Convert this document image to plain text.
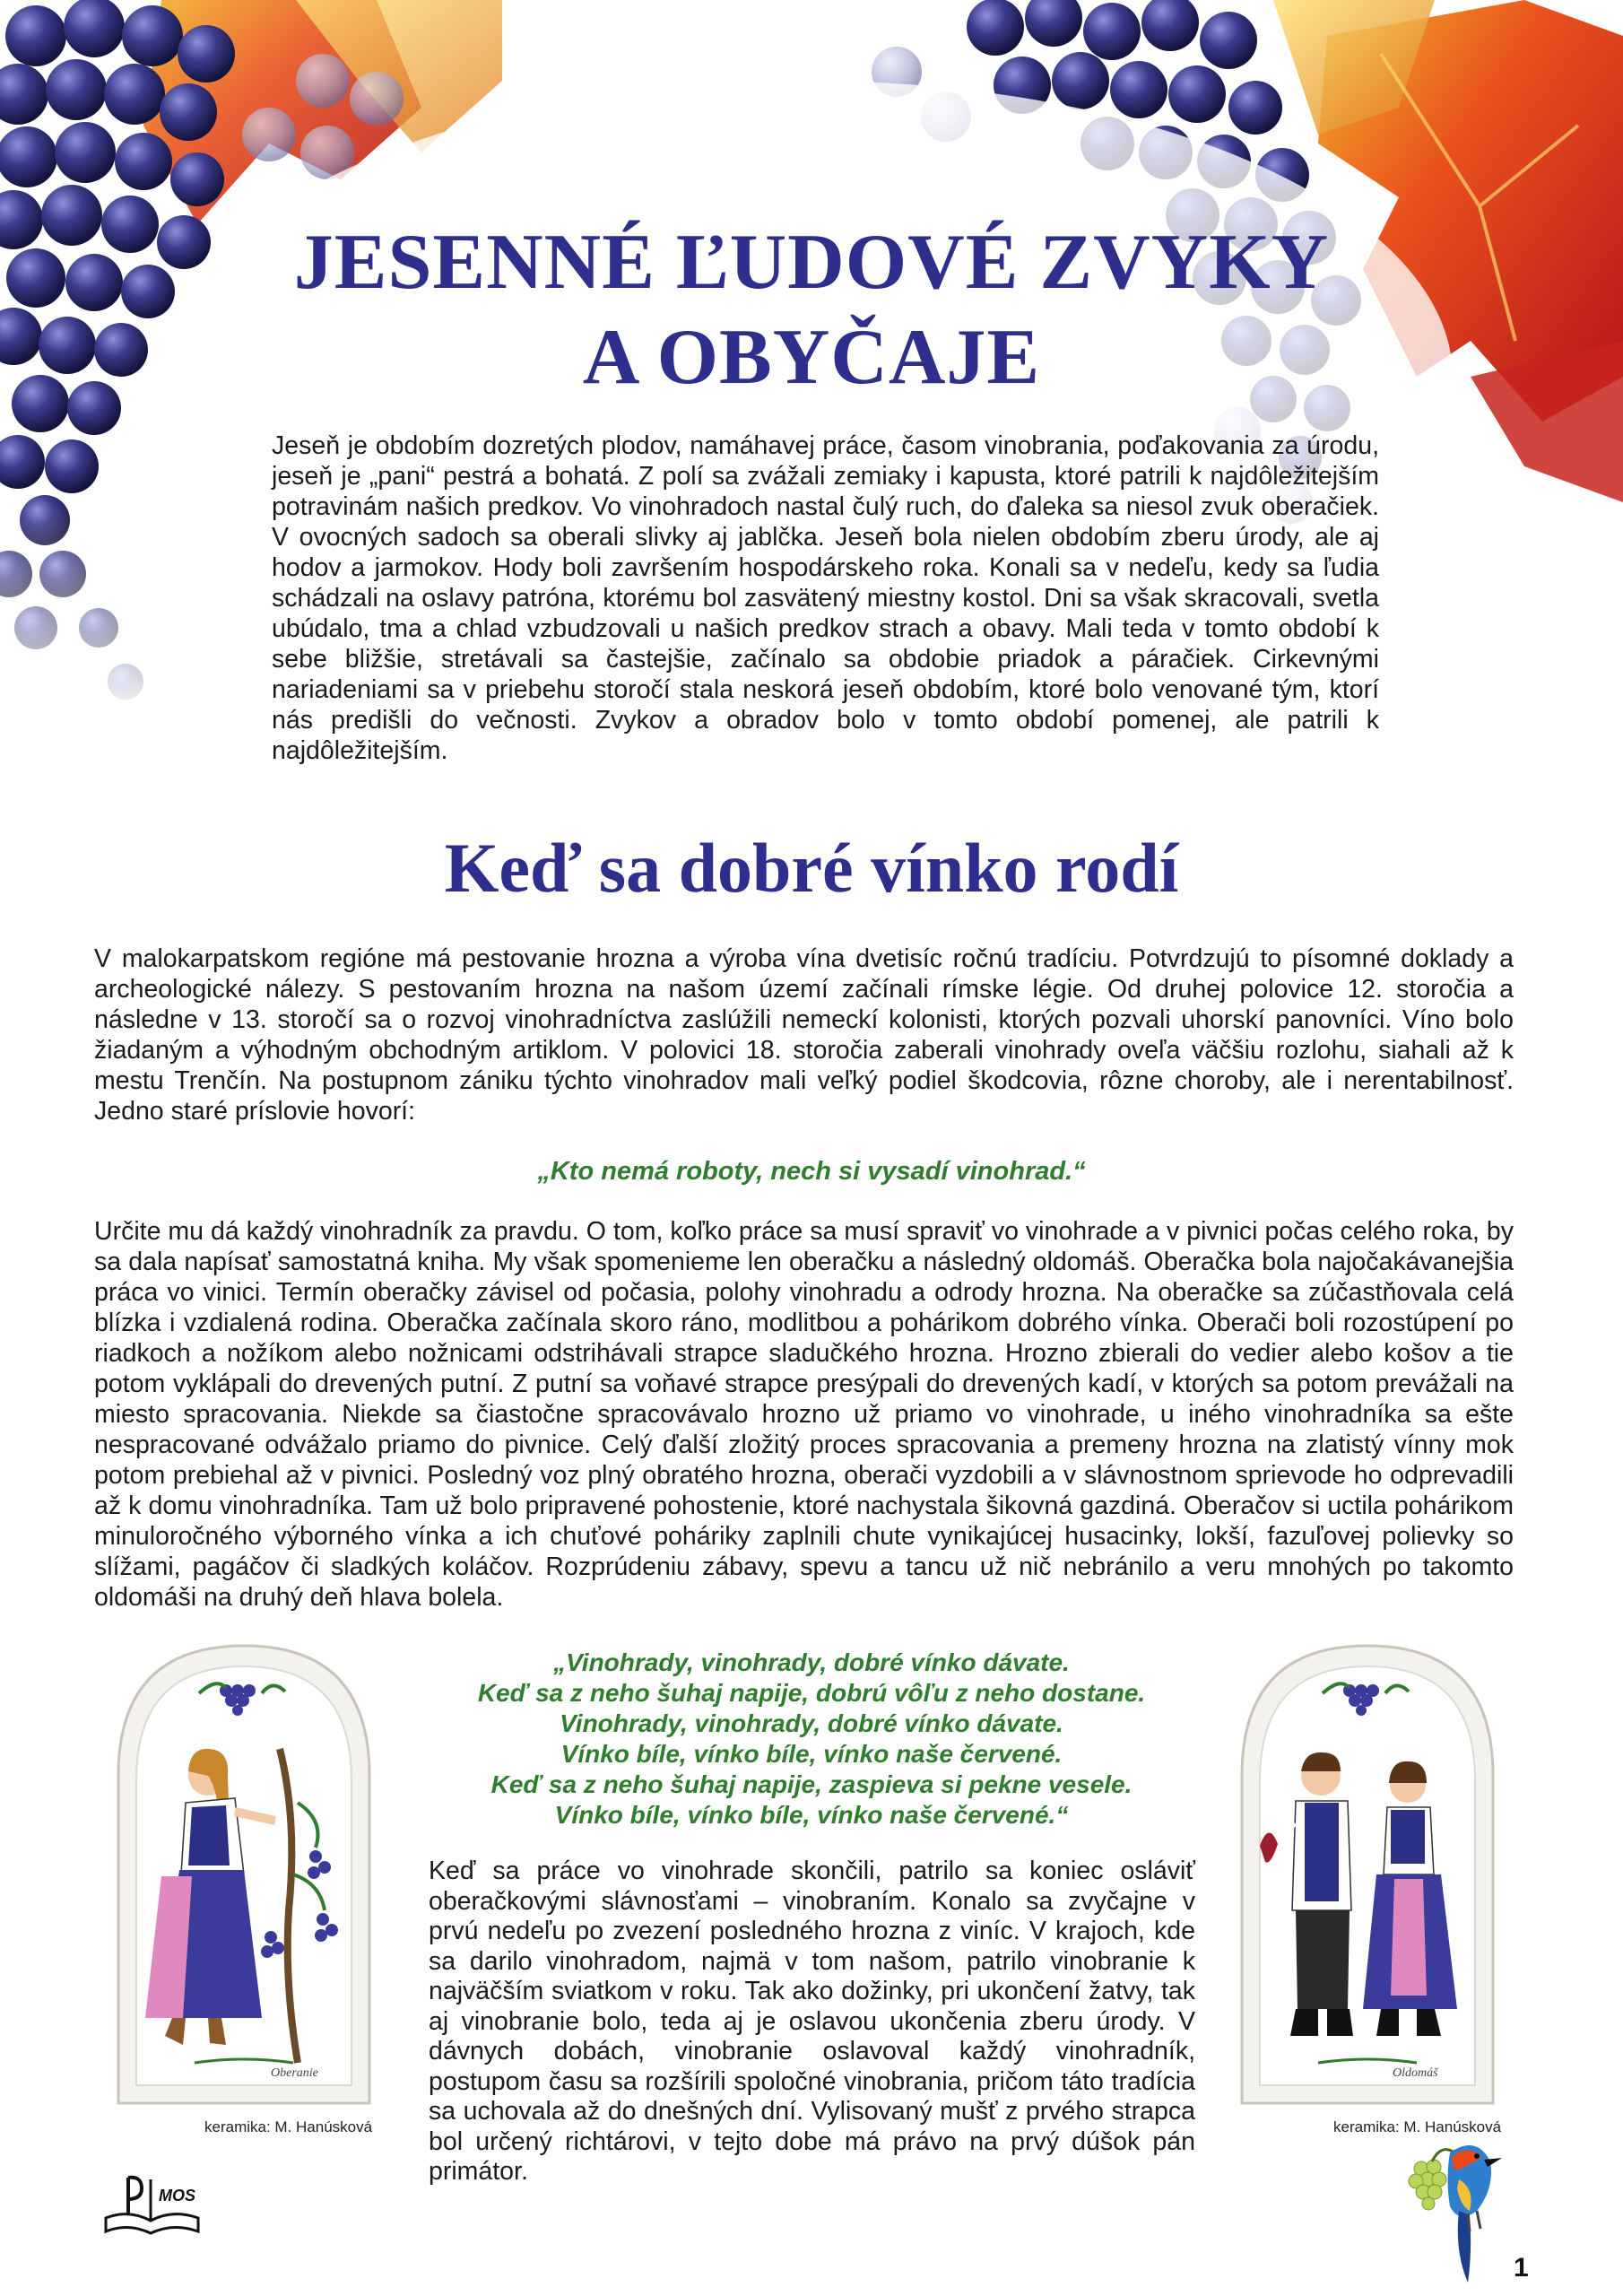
JESENNÉ ĽUDOVÉ ZVYKY
A OBYČAJE

Jeseň je obdobím dozretých plodov, namáhavej práce, časom vinobrania, poďakovania za úrodu, jeseň je „pani“ pestrá a bohatá. Z polí sa zvážali zemiaky i kapusta, ktoré patrili k najdôležitejším potravinám našich predkov. Vo vinohradoch nastal čulý ruch, do ďaleka sa niesol zvuk oberačiek. V ovocných sadoch sa oberali slivky aj jablčka. Jeseň bola nielen obdobím zberu úrody, ale aj hodov a jarmokov. Hody boli završením hospodárskeho roka. Konali sa v nedeľu, kedy sa ľudia schádzali na oslavy patróna, ktorému bol zasvätený miestny kostol. Dni sa však skracovali, svetla ubúdalo, tma a chlad vzbudzovali u našich predkov strach a obavy. Mali teda v tomto období k sebe bližšie, stretávali sa častejšie, začínalo sa obdobie priadok a páračiek. Cirkevnými nariadeniami sa v priebehu storočí stala neskorá jeseň obdobím, ktoré bolo venované tým, ktorí nás predišli do večnosti. Zvykov a obradov bolo v tomto období pomenej, ale patrili k najdôležitejším.

Keď sa dobré vínko rodí

V malokarpatskom regióne má pestovanie hrozna a výroba vína dvetisíc ročnú tradíciu. Potvrdzujú to písomné doklady a archeologické nálezy. S pestovaním hrozna na našom území začínali rímske légie. Od druhej polovice 12. storočia a následne v 13. storočí sa o rozvoj vinohradníctva zaslúžili nemeckí kolonisti, ktorých pozvali uhorskí panovníci. Víno bolo žiadaným a výhodným obchodným artiklom. V polovici 18. storočia zaberali vinohrady oveľa väčšiu rozlohu, siahali až k mestu Trenčín. Na postupnom zániku týchto vinohradov mali veľký podiel škodcovia, rôzne choroby, ale i nerentabilnosť. Jedno staré príslovie hovorí:

„Kto nemá roboty, nech si vysadí vinohrad.“

Určite mu dá každý vinohradník za pravdu. O tom, koľko práce sa musí spraviť vo vinohrade a v pivnici počas celého roka, by sa dala napísať samostatná kniha. My však spomenieme len oberačku a následný oldomáš. Oberačka bola najočakávanejšia práca vo vinici. Termín oberačky závisel od počasia, polohy vinohradu a odrody hrozna. Na oberačke sa zúčastňovala celá blízka i vzdialená rodina. Oberačka začínala skoro ráno, modlitbou a pohárikom dobrého vínka. Oberači boli rozostúpení po riadkoch a nožíkom alebo nožnicami odstrihávali strapce sladučkého hrozna. Hrozno zbierali do vedier alebo košov a tie potom vyklápali do drevených putní. Z putní sa voňavé strapce presýpali do drevených kadí, v ktorých sa potom prevážali na miesto spracovania. Niekde sa čiastočne spracovávalo hrozno už priamo vo vinohrade, u iného vinohradníka sa ešte nespracované odvážalo priamo do pivnice. Celý ďalší zložitý proces spracovania a premeny hrozna na zlatistý vínny mok potom prebiehal až v pivnici. Posledný voz plný obratého hrozna, oberači vyzdobili a v slávnostnom sprievode ho odprevadili až k domu vinohradníka. Tam už bolo pripravené pohostenie, ktoré nachystala šikovná gazdiná. Oberačov si uctila pohárikom minuloročného výborného vínka a ich chuťové poháriky zaplnili chute vynikajúcej husacinky, lokší, fazuľovej polievky so slížami, pagáčov či sladkých koláčov. Rozprúdeniu zábavy, spevu a tancu už nič nebránilo a veru mnohých po takomto oldomáši na druhý deň hlava bolela.

„Vinohrady, vinohrady, dobré vínko dávate.
Keď sa z neho šuhaj napije, dobrú vôľu z neho dostane.
Vinohrady, vinohrady, dobré vínko dávate.
Vínko bíle, vínko bíle, vínko naše červené.
Keď sa z neho šuhaj napije, zaspieva si pekne vesele.
Vínko bíle, vínko bíle, vínko naše červené.“

Keď sa práce vo vinohrade skončili, patrilo sa koniec osláviť oberačkovými slávnosťami – vinobraním. Konalo sa zvyčajne v prvú nedeľu po zvezení posledného hrozna z viníc. V krajoch, kde sa darilo vinohradom, najmä v tom našom, patrilo vinobranie k najväčším sviatkom v roku. Tak ako dožinky, pri ukončení žatvy, tak aj vinobranie bolo, teda aj je oslavou ukončenia zberu úrody. V dávnych dobách, vinobranie oslavoval každý vinohradník, postupom času sa rozšírili spoločné vinobrania, pričom táto tradícia sa uchovala až do dnešných dní. Vylisovaný mušť z prvého strapca bol určený richtárovi, v tejto dobe má právo na prvý dúšok pán primátor.

Oberanie	Oldomáš
keramika: M. Hanúsková	keramika: M. Hanúsková
MOS
1
